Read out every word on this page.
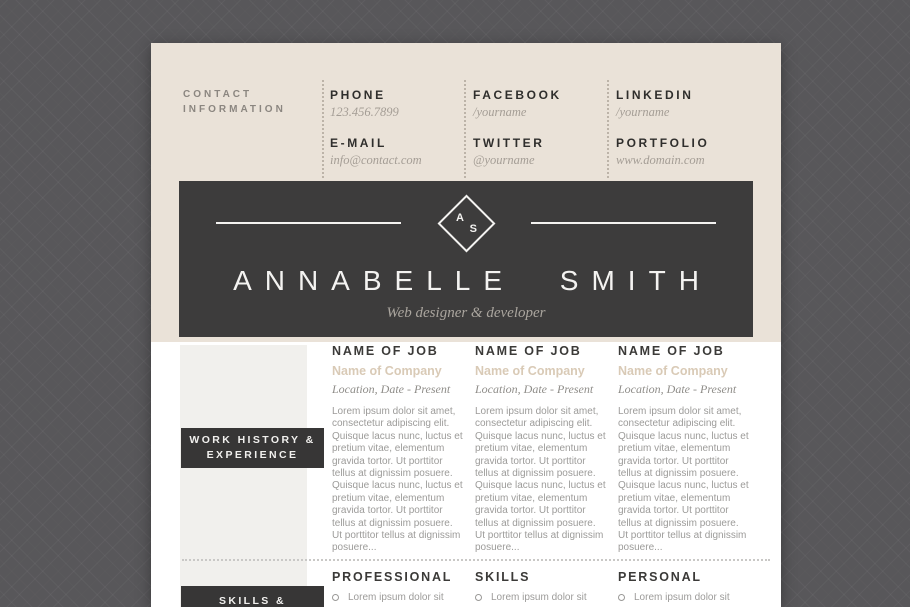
CONTACT
INFORMATION
PHONE
123.456.7899
FACEBOOK
/yourname
LINKEDIN
/yourname
E-MAIL
info@contact.com
TWITTER
@yourname
PORTFOLIO
www.domain.com
A
S
ANNABELLE SMITH
Web designer & developer
WORK HISTORY & EXPERIENCE
SKILLS &
NAME OF JOB
Name of Company
Location, Date - Present
Lorem ipsum dolor sit amet, consectetur adipiscing elit. Quisque lacus nunc, luctus et pretium vitae, elementum gravida tortor. Ut porttitor tellus at dignissim posuere. Quisque lacus nunc, luctus et pretium vitae, elementum gravida tortor. Ut porttitor tellus at dignissim posuere. Ut porttitor tellus at dignissim posuere...
NAME OF JOB
Name of Company
Location, Date - Present
Lorem ipsum dolor sit amet, consectetur adipiscing elit. Quisque lacus nunc, luctus et pretium vitae, elementum gravida tortor. Ut porttitor tellus at dignissim posuere. Quisque lacus nunc, luctus et pretium vitae, elementum gravida tortor. Ut porttitor tellus at dignissim posuere. Ut porttitor tellus at dignissim posuere...
NAME OF JOB
Name of Company
Location, Date - Present
Lorem ipsum dolor sit amet, consectetur adipiscing elit. Quisque lacus nunc, luctus et pretium vitae, elementum gravida tortor. Ut porttitor tellus at dignissim posuere. Quisque lacus nunc, luctus et pretium vitae, elementum gravida tortor. Ut porttitor tellus at dignissim posuere. Ut porttitor tellus at dignissim posuere...
PROFESSIONAL
Lorem ipsum dolor sit
SKILLS
Lorem ipsum dolor sit
PERSONAL
Lorem ipsum dolor sit
